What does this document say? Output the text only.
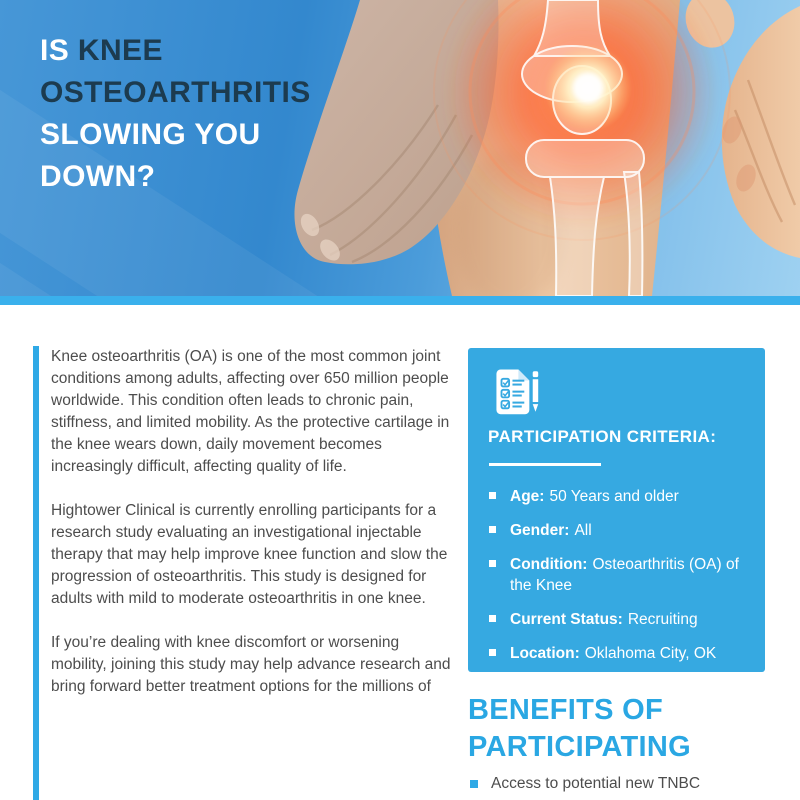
IS KNEE
OSTEOARTHRITIS
SLOWING YOU
DOWN?

Knee osteoarthritis (OA) is one of the most common joint conditions among adults, affecting over 650 million people worldwide. This condition often leads to chronic pain, stiffness, and limited mobility. As the protective cartilage in the knee wears down, daily movement becomes increasingly difficult, affecting quality of life.

Hightower Clinical is currently enrolling participants for a research study evaluating an investigational injectable therapy that may help improve knee function and slow the progression of osteoarthritis. This study is designed for adults with mild to moderate osteoarthritis in one knee.

If you’re dealing with knee discomfort or worsening mobility, joining this study may help advance research and bring forward better treatment options for the millions of

PARTICIPATION CRITERIA:
Age: 50 Years and older
Gender: All
Condition: Osteoarthritis (OA) of the Knee
Current Status: Recruiting
Location: Oklahoma City, OK
BENEFITS OF
PARTICIPATING
Access to potential new TNBC
